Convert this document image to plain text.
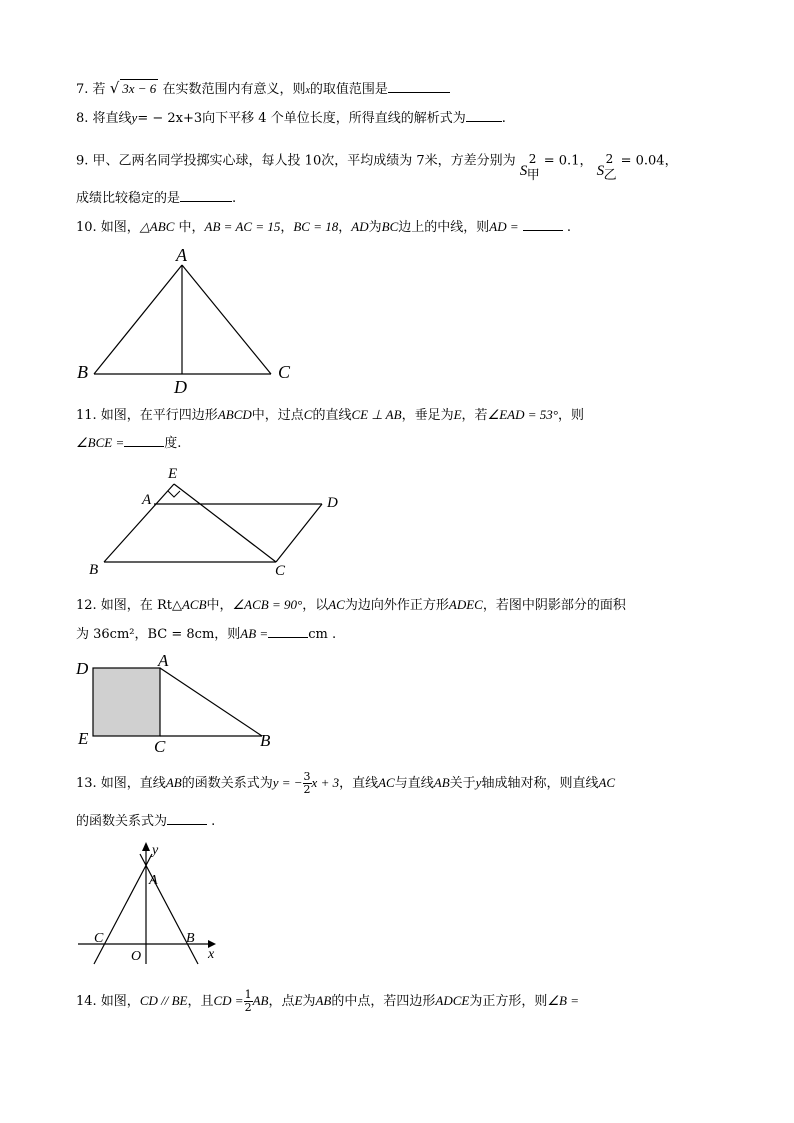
7. 若 √ 3x − 6 在实数范围内有意义，则x的取值范围是
8. 将直线y= − 2x+3向下平移 4 个单位长度，所得直线的解析式为	.
9. 甲、乙两名同学投掷实心球，每人投 10次，平均成绩为 7米，方差分别为
S
2
甲
= 0.1，
S
2
乙
= 0.04，
成绩比较稳定的是	.
10. 如图，△ABC 中，AB = AC = 15，BC = 18，AD为BC边上的中线，则AD =	.
A
B	C
D
11. 如图，在平行四边形ABCD中，过点C的直线CE ⊥ AB，垂足为E，若∠EAD = 53°，则
∠BCE =	度.
E
A	D
B	C
12. 如图，在 Rt△ACB中，∠ACB = 90°，以AC为边向外作正方形ADEC，若图中阴影部分的面积
为 36cm²，BC = 8cm，则AB =	cm .
D	A
E	C	B
13. 如图，直线AB的函数关系式为y = − $\frac{3}{2}$ x + 3，直线AC与直线AB关于y轴成轴对称，则直线AC
的函数关系式为	.
y
A
C	B
O	x
14. 如图，CD // BE，且CD = $\frac{1}{2}$ AB，点E为AB的中点，若四边形ADCE为正方形，则∠B =
